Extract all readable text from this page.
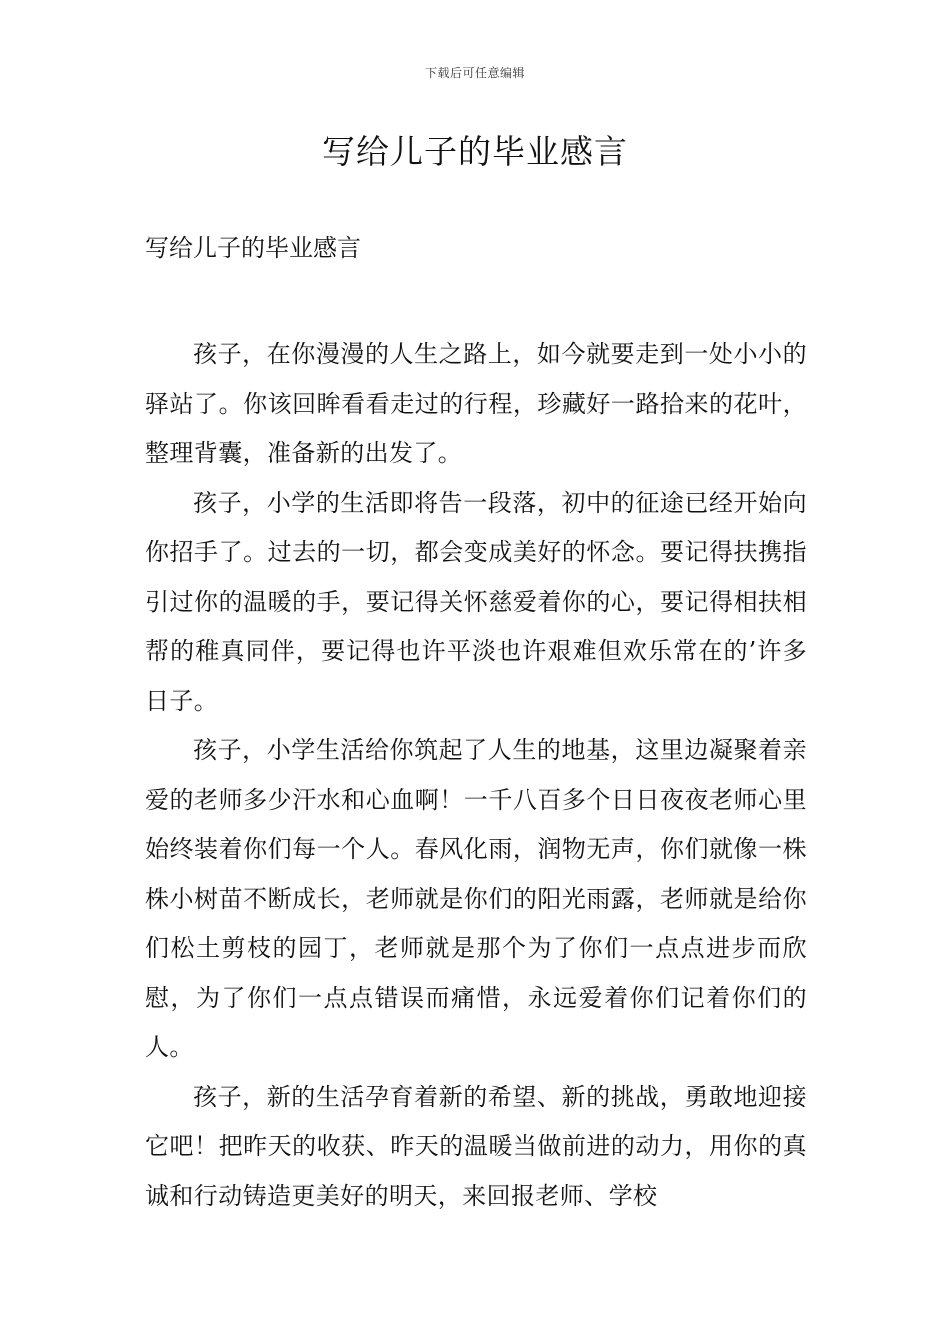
下载后可任意编辑
写给儿子的毕业感言

写给儿子的毕业感言

孩子，在你漫漫的人生之路上，如今就要走到一处小小的驿站了。你该回眸看看走过的行程，珍藏好一路拾来的花叶，整理背囊，准备新的出发了。

孩子，小学的生活即将告一段落，初中的征途已经开始向你招手了。过去的一切，都会变成美好的怀念。要记得扶携指引过你的温暖的手，要记得关怀慈爱着你的心，要记得相扶相帮的稚真同伴，要记得也许平淡也许艰难但欢乐常在的’许多日子。

孩子，小学生活给你筑起了人生的地基，这里边凝聚着亲爱的老师多少汗水和心血啊！一千八百多个日日夜夜老师心里始终装着你们每一个人。春风化雨，润物无声，你们就像一株株小树苗不断成长，老师就是你们的阳光雨露，老师就是给你们松土剪枝的园丁，老师就是那个为了你们一点点进步而欣慰，为了你们一点点错误而痛惜，永远爱着你们记着你们的人。

孩子，新的生活孕育着新的希望、新的挑战，勇敢地迎接它吧！把昨天的收获、昨天的温暖当做前进的动力，用你的真诚和行动铸造更美好的明天，来回报老师、学校
